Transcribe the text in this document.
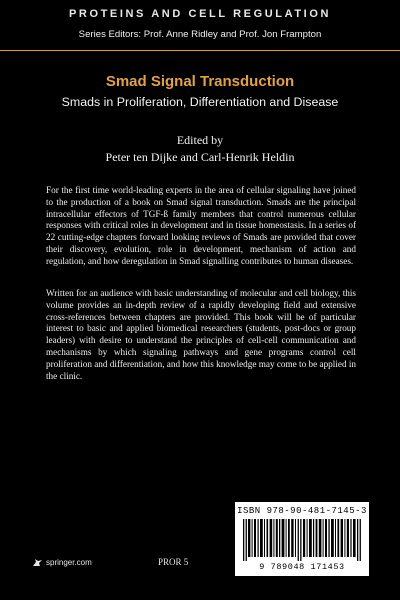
PROTEINS AND CELL REGULATION
Series Editors: Prof. Anne Ridley and Prof. Jon Frampton
Smad Signal Transduction
Smads in Proliferation, Differentiation and Disease
Edited by
Peter ten Dijke and Carl-Henrik Heldin
For the first time world-leading experts in the area of cellular signaling have joined to the production of a book on Smad signal transduction. Smads are the principal intracellular effectors of TGF-ß family members that control numerous cellular responses with critical roles in development and in tissue homeostasis. In a series of 22 cutting-edge chapters forward looking reviews of Smads are provided that cover their discovery, evolution, role in development, mechanism of action and regulation, and how deregulation in Smad signalling contributes to human diseases.
Written for an audience with basic understanding of molecular and cell biology, this volume provides an in-depth review of a rapidly developing field and extensive cross-references between chapters are provided. This book will be of particular interest to basic and applied biomedical researchers (students, post-docs or group leaders) with desire to understand the principles of cell-cell communication and mechanisms by which signaling pathways and gene programs control cell proliferation and differentiation, and how this knowledge may come to be applied in the clinic.
ISBN 978-90-481-7145-3
9 789048 171453
springer.com	PROR 5
